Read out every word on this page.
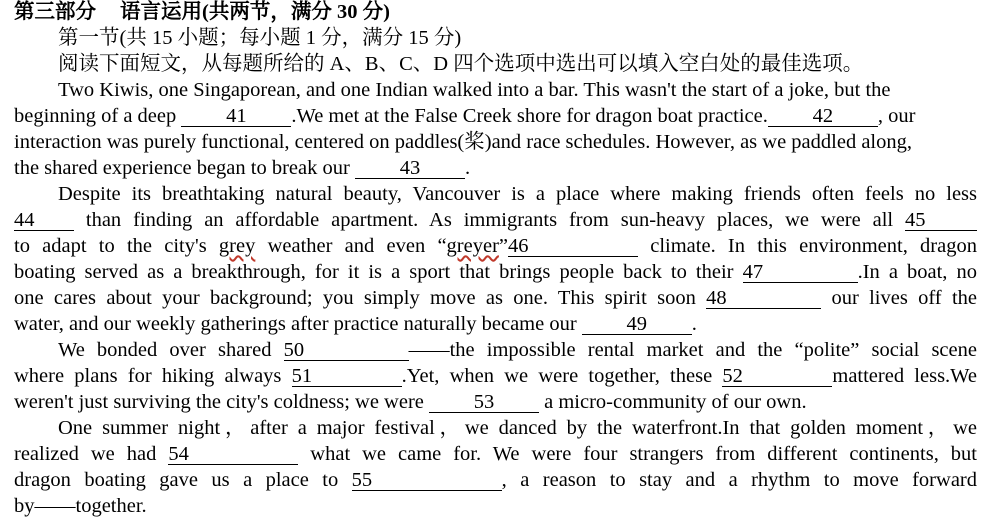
第三部分 语言运用(共两节，满分 30 分)
第一节(共 15 小题；每小题 1 分，满分 15 分)
阅读下面短文，从每题所给的 A、B、C、D 四个选项中选出可以填入空白处的最佳选项。
Two Kiwis, one Singaporean, and one Indian walked into a bar. This wasn't the start of a joke, but the
beginning of a deep 41 .We met at the False Creek shore for dragon boat practice. 42 , our
interaction was purely functional, centered on paddles(桨)and race schedules. However, as we paddled along,
the shared experience began to break our 43 .
Despite its breathtaking natural beauty, Vancouver is a place where making friends often feels no less
44 than finding an affordable apartment. As immigrants from sun-heavy places, we were all 45
to adapt to the city's grey weather and even “greyer”46	climate. In this environment, dragon
boating served as a breakthrough, for it is a sport that brings people back to their 47	.In a boat, no
one cares about your background; you simply move as one. This spirit soon 48	our lives off the
water, and our weekly gatherings after practice naturally became our 49 .
We bonded over shared 50	——the impossible rental market and the “polite” social scene
where plans for hiking always 51	.Yet, when we were together, these 52	mattered less.We
weren't just surviving the city's coldness; we were 53 a micro-community of our own.
One summer night，after a major festival，we danced by the waterfront.In that golden moment，we
realized we had 54	what we came for. We were four strangers from different continents, but
dragon boating gave us a place to 55	, a reason to stay and a rhythm to move forward
by——together.
